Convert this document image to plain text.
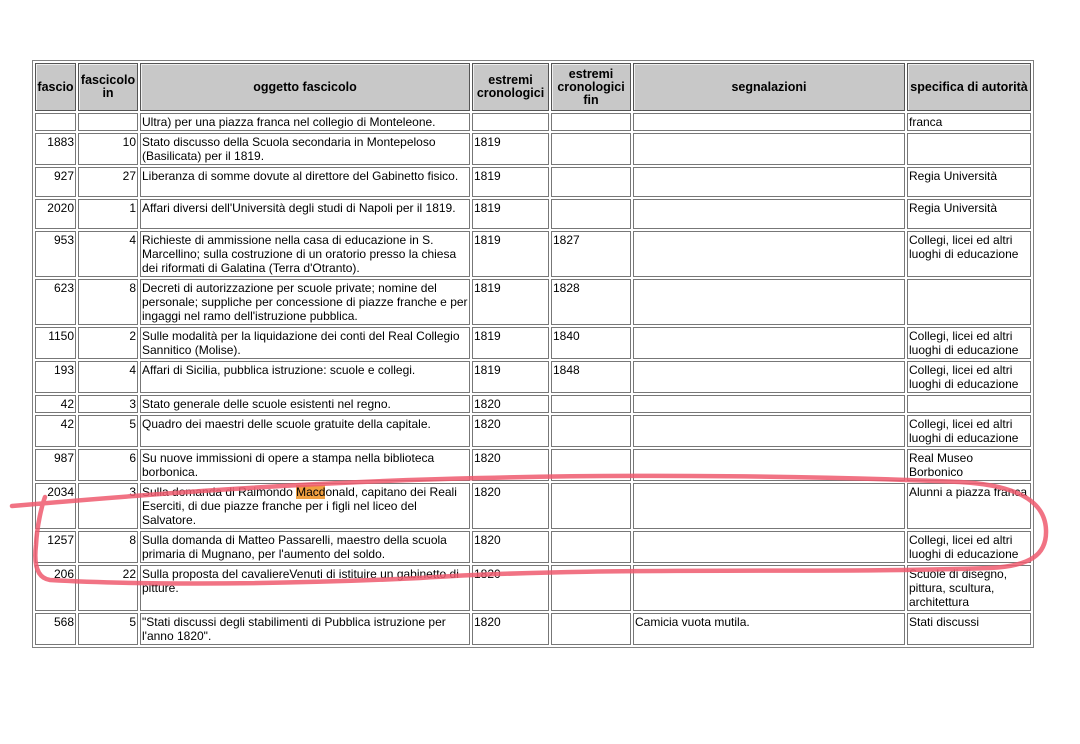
fascio	fascicolo in	oggetto fascicolo	estremi cronologici	estremi cronologici fin	segnalazioni	specifica di autorità
		Ultra) per una piazza franca nel collegio di Monteleone.				franca
1883	10	Stato discusso della Scuola secondaria in Montepeloso (Basilicata) per il 1819.	1819			
927	27	Liberanza di somme dovute al direttore del Gabinetto fisico.	1819			Regia Università
2020	1	Affari diversi dell'Università degli studi di Napoli per il 1819.	1819			Regia Università
953	4	Richieste di ammissione nella casa di educazione in S. Marcellino; sulla costruzione di un oratorio presso la chiesa dei riformati di Galatina (Terra d'Otranto).	1819	1827		Collegi, licei ed altri luoghi di educazione
623	8	Decreti di autorizzazione per scuole private; nomine del personale; suppliche per concessione di piazze franche e per ingaggi nel ramo dell'istruzione pubblica.	1819	1828		
1150	2	Sulle modalità per la liquidazione dei conti del Real Collegio Sannitico (Molise).	1819	1840		Collegi, licei ed altri luoghi di educazione
193	4	Affari di Sicilia, pubblica istruzione: scuole e collegi.	1819	1848		Collegi, licei ed altri luoghi di educazione
42	3	Stato generale delle scuole esistenti nel regno.	1820			
42	5	Quadro dei maestri delle scuole gratuite della capitale.	1820			Collegi, licei ed altri luoghi di educazione
987	6	Su nuove immissioni di opere a stampa nella biblioteca borbonica.	1820			Real Museo Borbonico
2034	3	Sulla domanda di Raimondo Macdonald, capitano dei Reali Eserciti, di due piazze franche per i figli nel liceo del Salvatore.	1820			Alunni a piazza franca
1257	8	Sulla domanda di Matteo Passarelli, maestro della scuola primaria di Mugnano, per l'aumento del soldo.	1820			Collegi, licei ed altri luoghi di educazione
206	22	Sulla proposta del cavaliereVenuti di istituire un gabinetto di pitture.	1820			Scuole di disegno, pittura, scultura, architettura
568	5	"Stati discussi degli stabilimenti di Pubblica istruzione per l'anno 1820".	1820		Camicia vuota mutila.	Stati discussi
